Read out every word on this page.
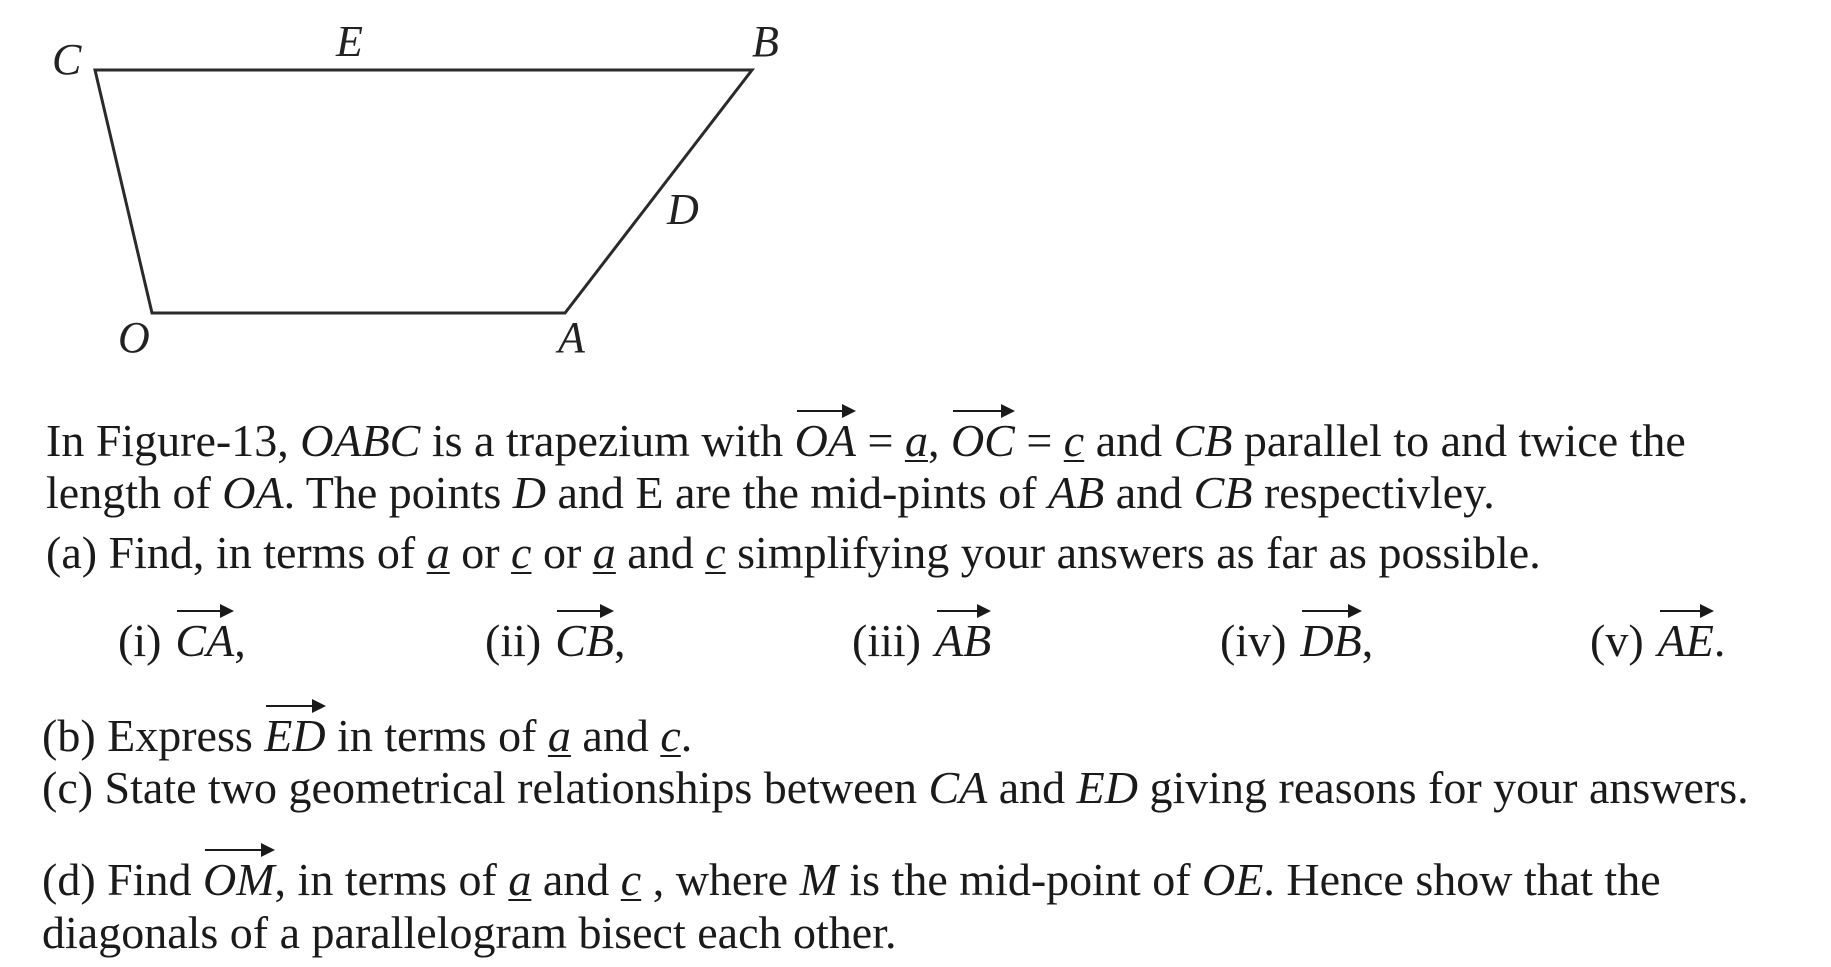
C	E	B
D
O	A
In Figure-13, OABC is a trapezium with OA = a, OC = c and CB parallel to and twice the
length of OA. The points D and E are the mid-pints of AB and CB respectivley.
(a) Find, in terms of a or c or a and c simplifying your answers as far as possible.
(i) CA,	(ii) CB,	(iii) AB	(iv) DB,	(v) AE.
(b) Express ED in terms of a and c.
(c) State two geometrical relationships between CA and ED giving reasons for your answers.
(d) Find OM, in terms of a and c , where M is the mid-point of OE. Hence show that the
diagonals of a parallelogram bisect each other.
